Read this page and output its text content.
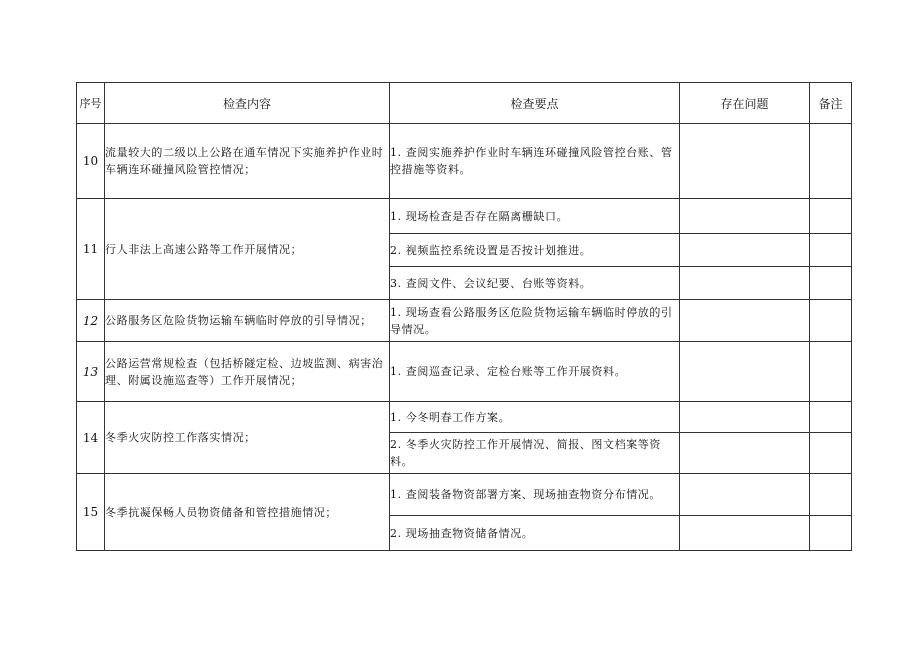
序号	检查内容	检查要点	存在问题	备注
10	流量较大的二级以上公路在通车情况下实施养护作业时车辆连环碰撞风险管控情况；	1. 查阅实施养护作业时车辆连环碰撞风险管控台账、管控措施等资料。		
11	行人非法上高速公路等工作开展情况；	1. 现场检查是否存在隔离栅缺口。		
		2. 视频监控系统设置是否按计划推进。		
		3. 查阅文件、会议纪要、台账等资料。		
12	公路服务区危险货物运输车辆临时停放的引导情况；	1. 现场查看公路服务区危险货物运输车辆临时停放的引导情况。		
13	公路运营常规检查（包括桥隧定检、边坡监测、病害治理、附属设施巡查等）工作开展情况；	1. 查阅巡查记录、定检台账等工作开展资料。		
14	冬季火灾防控工作落实情况；	1. 今冬明春工作方案。		
		2. 冬季火灾防控工作开展情况、简报、图文档案等资料。		
15	冬季抗凝保畅人员物资储备和管控措施情况；	1. 查阅装备物资部署方案、现场抽查物资分布情况。		
		2. 现场抽查物资储备情况。		
